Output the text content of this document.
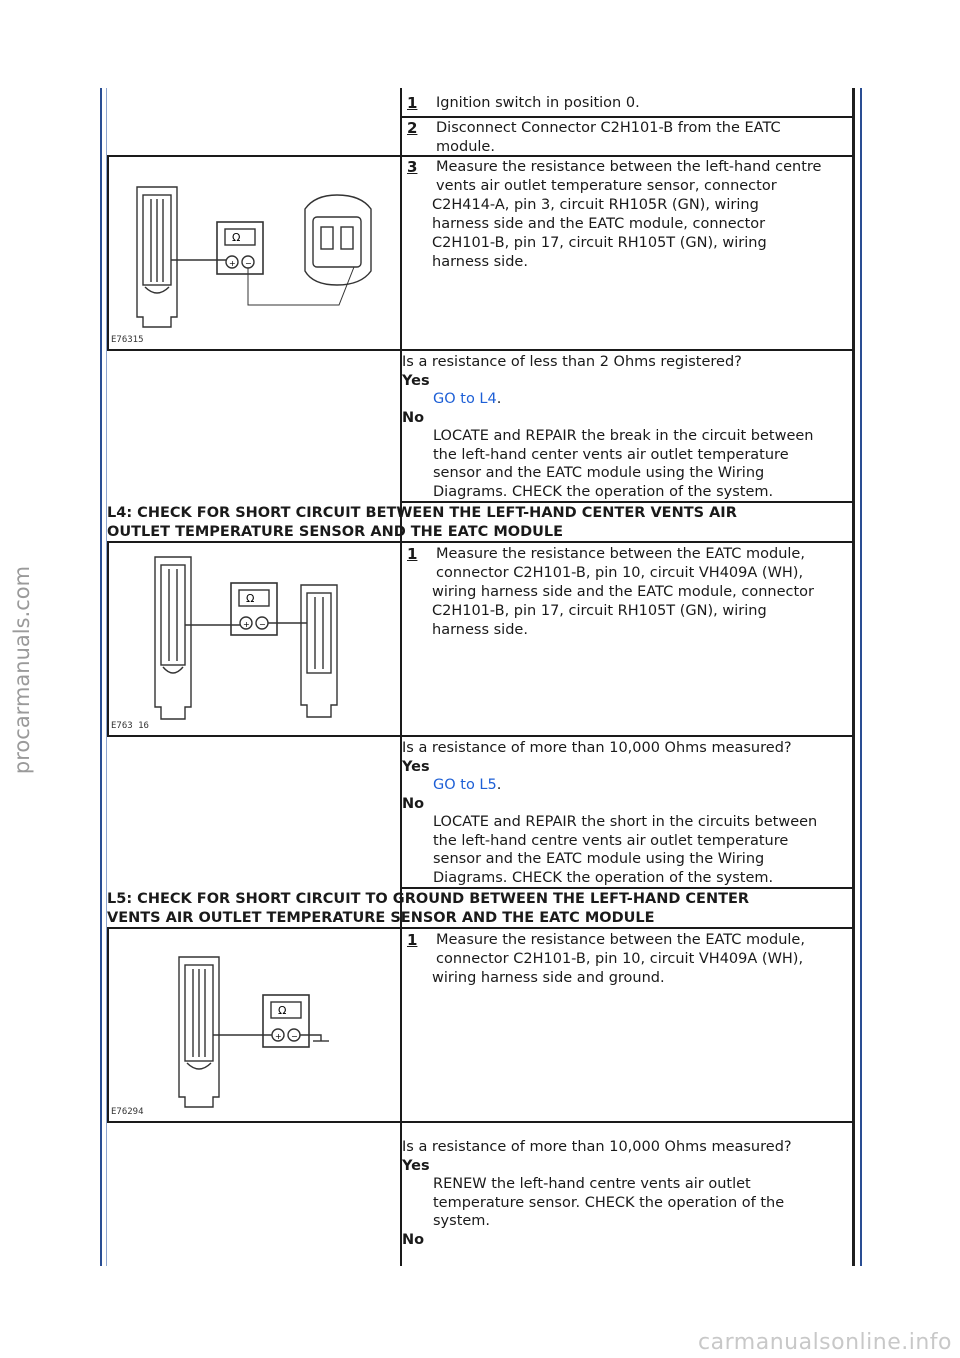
procarmanuals.com
carmanualsonline.info
1	Ignition switch in position 0.
2	Disconnect Connector C2H101-B from the EATC
module.
3	Measure the resistance between the left-hand centre
vents air outlet temperature sensor, connector
C2H414-A, pin 3, circuit RH105R (GN), wiring
harness side and the EATC module, connector
C2H101-B, pin 17, circuit RH105T (GN), wiring
harness side.
Ω
+ −
E76315
Is a resistance of less than 2 Ohms registered?
Yes
GO to L4.
No
LOCATE and REPAIR the break in the circuit between
the left-hand center vents air outlet temperature
sensor and the EATC module using the Wiring
Diagrams. CHECK the operation of the system.
L4: CHECK FOR SHORT CIRCUIT BETWEEN THE LEFT-HAND CENTER VENTS AIR
OUTLET TEMPERATURE SENSOR AND THE EATC MODULE
1	Measure the resistance between the EATC module,
connector C2H101-B, pin 10, circuit VH409A (WH),
wiring harness side and the EATC module, connector
C2H101-B, pin 17, circuit RH105T (GN), wiring
harness side.
Ω
+ −
E763 16
Is a resistance of more than 10,000 Ohms measured?
Yes
GO to L5.
No
LOCATE and REPAIR the short in the circuits between
the left-hand centre vents air outlet temperature
sensor and the EATC module using the Wiring
Diagrams. CHECK the operation of the system.
L5: CHECK FOR SHORT CIRCUIT TO GROUND BETWEEN THE LEFT-HAND CENTER
VENTS AIR OUTLET TEMPERATURE SENSOR AND THE EATC MODULE
1	Measure the resistance between the EATC module,
connector C2H101-B, pin 10, circuit VH409A (WH),
wiring harness side and ground.
Ω
+ −
E76294
Is a resistance of more than 10,000 Ohms measured?
Yes
RENEW the left-hand centre vents air outlet
temperature sensor. CHECK the operation of the
system.
No
